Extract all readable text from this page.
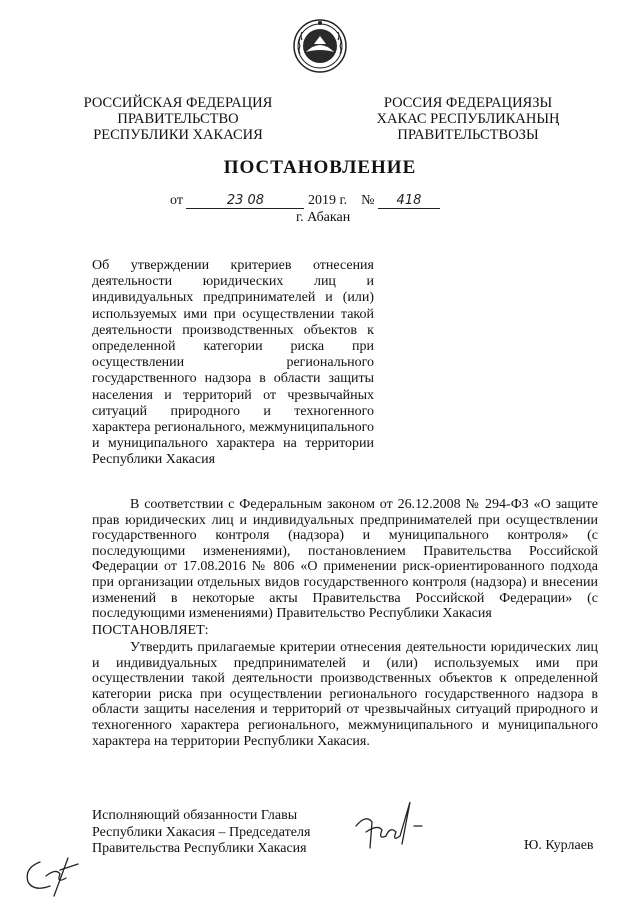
РОССИЙСКАЯ ФЕДЕРАЦИЯ
ПРАВИТЕЛЬСТВО
РЕСПУБЛИКИ ХАКАСИЯ
РОССИЯ ФЕДЕРАЦИЯЗЫ
ХАКАС РЕСПУБЛИКАНЫҢ
ПРАВИТЕЛЬСТВОЗЫ
ПОСТАНОВЛЕНИЕ
от	23 08	2019 г. № 418
г. Абакан
Об утверждении критериев отнесения деятельности юридических лиц и индивидуальных предпринимателей и (или) используемых ими при осуществлении такой деятельности производственных объектов к определенной категории риска при осуществлении регионального государственного надзора в области защиты населения и территорий от чрезвычайных ситуаций природного и техногенного характера регионального, межмуниципального и муниципального характера на территории Республики Хакасия
В соответствии с Федеральным законом от 26.12.2008 № 294-ФЗ «О защите прав юридических лиц и индивидуальных предпринимателей при осуществлении государственного контроля (надзора) и муниципального контроля» (с последующими изменениями), постановлением Правительства Российской Федерации от 17.08.2016 № 806 «О применении риск-ориентированного подхода при организации отдельных видов государственного контроля (надзора) и внесении изменений в некоторые акты Правительства Российской Федерации» (с последующими изменениями) Правительство Республики Хакасия
ПОСТАНОВЛЯЕТ:
Утвердить прилагаемые критерии отнесения деятельности юридических лиц и индивидуальных предпринимателей и (или) используемых ими при осуществлении такой деятельности производственных объектов к определенной категории риска при осуществлении регионального государственного надзора в области защиты населения и территорий от чрезвычайных ситуаций природного и техногенного характера регионального, межмуниципального и муниципального характера на территории Республики Хакасия.
Исполняющий обязанности Главы
Республики Хакасия – Председателя
Правительства Республики Хакасия	Ю. Курлаев
